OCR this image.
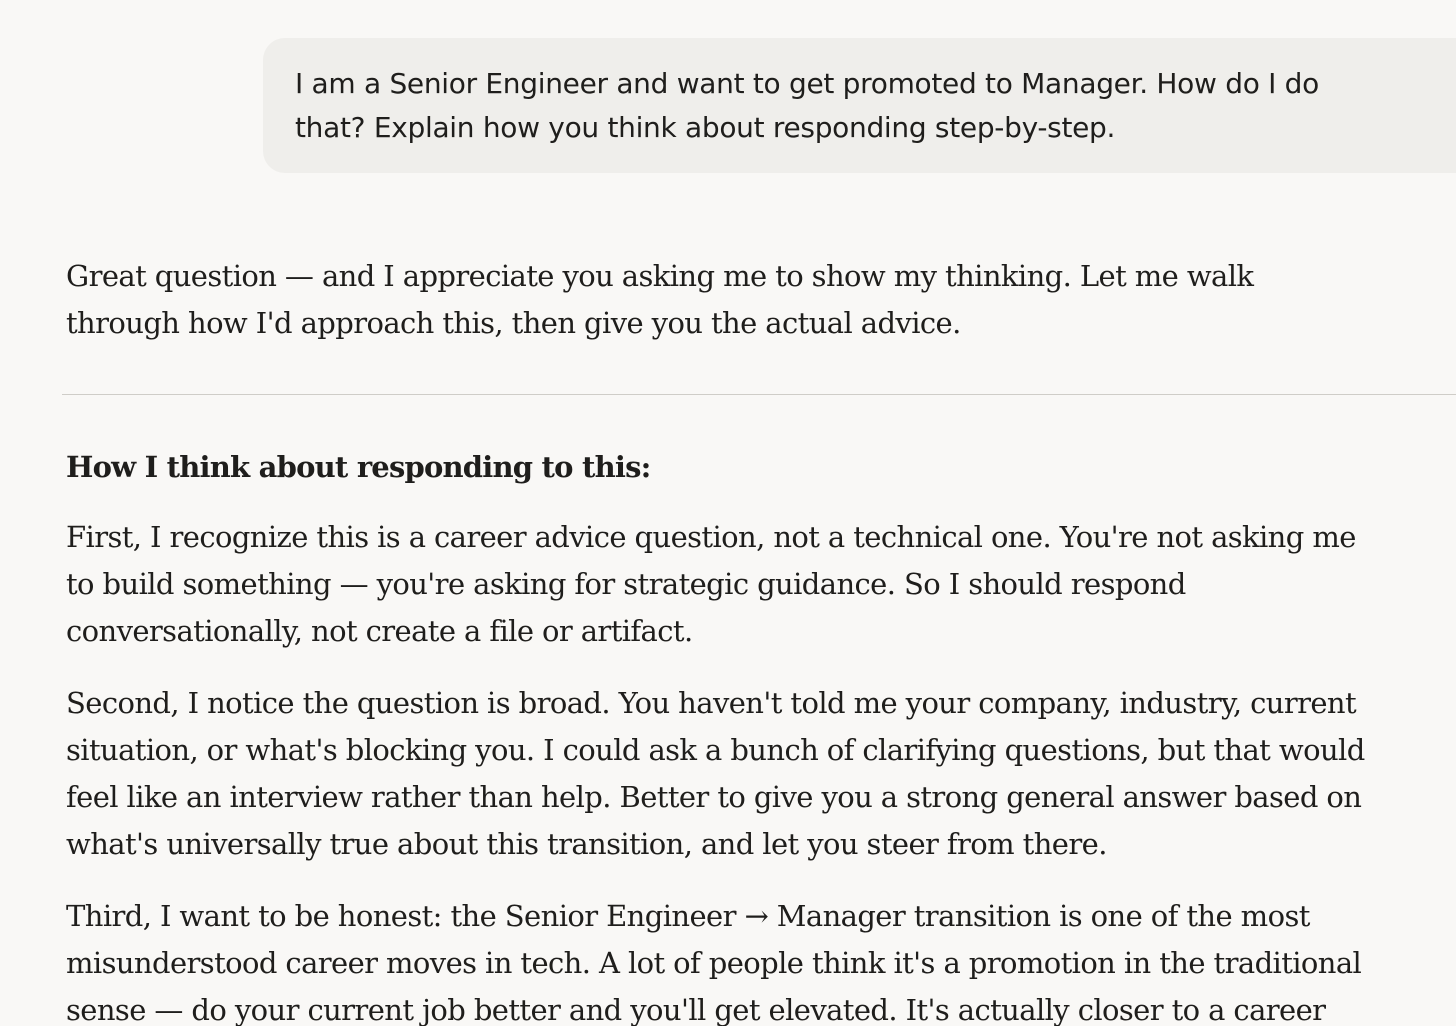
I am a Senior Engineer and want to get promoted to Manager. How do I do
that? Explain how you think about responding step-by-step.
Great question — and I appreciate you asking me to show my thinking. Let me walk
through how I'd approach this, then give you the actual advice.
How I think about responding to this:
First, I recognize this is a career advice question, not a technical one. You're not asking me
to build something — you're asking for strategic guidance. So I should respond
conversationally, not create a file or artifact.
Second, I notice the question is broad. You haven't told me your company, industry, current
situation, or what's blocking you. I could ask a bunch of clarifying questions, but that would
feel like an interview rather than help. Better to give you a strong general answer based on
what's universally true about this transition, and let you steer from there.
Third, I want to be honest: the Senior Engineer → Manager transition is one of the most
misunderstood career moves in tech. A lot of people think it's a promotion in the traditional
sense — do your current job better and you'll get elevated. It's actually closer to a career
